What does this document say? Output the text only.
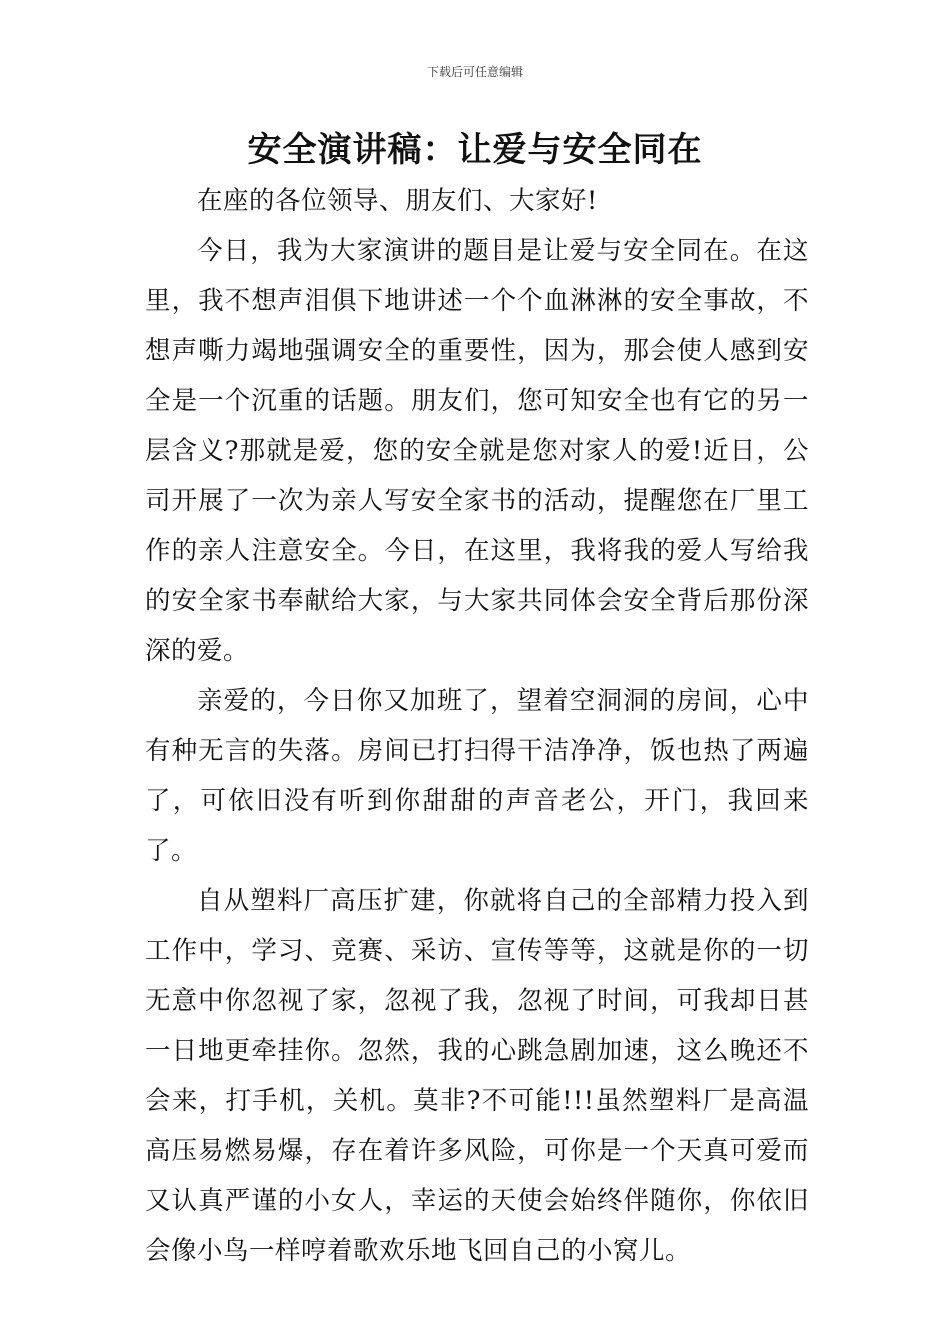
下载后可任意编辑
安全演讲稿：让爱与安全同在

在座的各位领导、朋友们、大家好!

今日，我为大家演讲的题目是让爱与安全同在。在这里，我不想声泪俱下地讲述一个个血淋淋的安全事故，不想声嘶力竭地强调安全的重要性，因为，那会使人感到安全是一个沉重的话题。朋友们，您可知安全也有它的另一层含义?那就是爱，您的安全就是您对家人的爱!近日，公司开展了一次为亲人写安全家书的活动，提醒您在厂里工作的亲人注意安全。今日，在这里，我将我的爱人写给我的安全家书奉献给大家，与大家共同体会安全背后那份深深的爱。

亲爱的，今日你又加班了，望着空洞洞的房间，心中有种无言的失落。房间已打扫得干洁净净，饭也热了两遍了，可依旧没有听到你甜甜的声音老公，开门，我回来了。

自从塑料厂高压扩建，你就将自己的全部精力投入到工作中，学习、竞赛、采访、宣传等等，这就是你的一切无意中你忽视了家，忽视了我，忽视了时间，可我却日甚一日地更牵挂你。忽然，我的心跳急剧加速，这么晚还不会来，打手机，关机。莫非?不可能!!!虽然塑料厂是高温高压易燃易爆，存在着许多风险，可你是一个天真可爱而又认真严谨的小女人，幸运的天使会始终伴随你，你依旧会像小鸟一样哼着歌欢乐地飞回自己的小窝儿。
